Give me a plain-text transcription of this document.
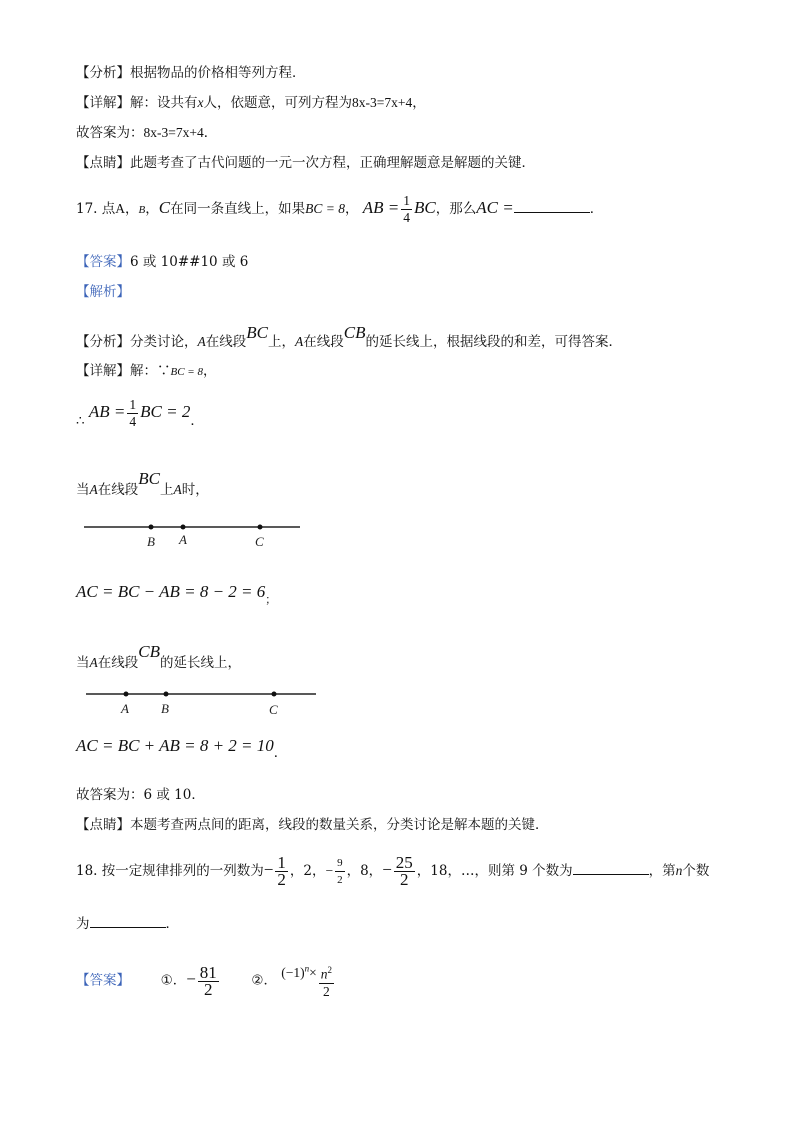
【分析】根据物品的价格相等列方程．
【详解】解：设共有x人，依题意，可列方程为8x-3=7x+4，
故答案为：8x-3=7x+4．
【点睛】此题考查了古代问题的一元一次方程，正确理解题意是解题的关键．
17. 点A，B，C在同一条直线上，如果BC = 8， AB = $\frac{1}{4}$ BC，那么AC =	．
【答案】6 或 10##10 或 6
【解析】
【分析】分类讨论，A在线段BC上，A在线段CB的延长线上，根据线段的和差，可得答案．
【详解】解：∵BC = 8，
∴ AB = $\frac{1}{4}$ BC = 2．
当A在线段BC上A时，
B A	C
AC = BC − AB = $8 - 2 = 6_;$
当A在线段CB的延长线上，
A B	C
AC = BC + AB = 8 + 2 = 10．
故答案为：6 或 10．
【点睛】本题考查两点间的距离，线段的数量关系，分类讨论是解本题的关键．
18. 按一定规律排列的一列数为− $\frac{1}{2}$ ，2，− $\frac{9}{2}$ ，8，− $\frac{25}{2}$ ，18，…，则第 9 个数为	，第n个数
为	．
【答案】 ①．− $\frac{81}{2}$ ②． $(-1)^n\times \frac{n^2}{2}$
